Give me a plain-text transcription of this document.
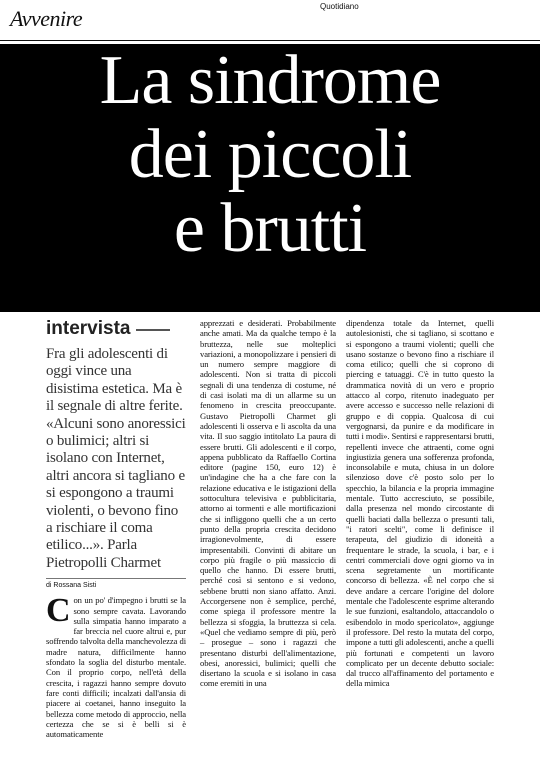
Avvenire	Quotidiano
La sindrome
dei piccoli
e brutti
intervista
Fra gli adolescenti di oggi vince una disistima estetica. Ma è il segnale di altre ferite. «Alcuni sono anoressici o bulimici; altri si isolano con Internet, altri ancora si tagliano e si espongono a traumi violenti, o bevono fino a rischiare il coma etilico...». Parla Pietropolli Charmet
di Rossana Sisti
Con un po' d'impegno i brutti se la sono sempre cavata. Lavorando sulla simpatia hanno imparato a far breccia nel cuore altrui e, pur soffrendo talvolta della manchevolezza di madre natura, difficilmente hanno sfondato la soglia del disturbo mentale. Con il proprio corpo, nell'età della crescita, i ragazzi hanno sempre dovuto fare conti difficili; incalzati dall'ansia di piacere ai coetanei, hanno inseguito la bellezza come metodo di approccio, nella certezza che se si è belli si è automaticamente
apprezzati e desiderati. Probabilmente anche amati. Ma da qualche tempo è la bruttezza, nelle sue molteplici variazioni, a monopolizzare i pensieri di un numero sempre maggiore di adolescenti. Non si tratta di piccoli segnali di una tendenza di costume, né di casi isolati ma di un allarme su un fenomeno in crescita preoccupante. Gustavo Pietropolli Charmet gli adolescenti li osserva e li ascolta da una vita. Il suo saggio intitolato La paura di essere brutti. Gli adolescenti e il corpo, appena pubblicato da Raffaello Cortina editore (pagine 150, euro 12) è un'indagine che ha a che fare con la relazione educativa e le istigazioni della sottocultura televisiva e pubblicitaria, attorno ai tormenti e alle mortificazioni che si infliggono quelli che a un certo punto della propria crescita decidono irragionevolmente, di essere impresentabili. Convinti di abitare un corpo più fragile o più massiccio di quello che hanno. Di essere brutti, perché così si sentono e si vedono, sebbene brutti non siano affatto. Anzi. Accorgersene non è semplice, perché, come spiega il professore mentre la bellezza si sfoggia, la bruttezza si cela. «Quel che vediamo sempre di più, però – prosegue – sono i ragazzi che presentano disturbi dell'alimentazione, obesi, anoressici, bulimici; quelli che disertano la scuola e si isolano in casa come eremiti in una
dipendenza totale da Internet, quelli autolesionisti, che si tagliano, si scottano e si espongono a traumi violenti; quelli che usano sostanze o bevono fino a rischiare il coma etilico; quelli che si coprono di piercing e tatuaggi. C'è in tutto questo la drammatica novità di un vero e proprio attacco al corpo, ritenuto inadeguato per avere accesso e successo nelle relazioni di gruppo e di coppia. Qualcosa di cui vergognarsi, da punire e da modificare in tutti i modi». Sentirsi e rappresentarsi brutti, repellenti invece che attraenti, come ogni ingiustizia genera una sofferenza profonda, inconsolabile e muta, chiusa in un dolore silenzioso dove c'è posto solo per lo specchio, la bilancia e la propria immagine mentale. Tutto accresciuto, se possibile, dalla presenza nel mondo circostante di quelli baciati dalla bellezza o presunti tali, "i ratori scelti", come li definisce il terapeuta, del giudizio di idoneità a frequentare le strade, la scuola, i bar, e i centri commerciali dove ogni giorno va in scena segretamente un mortificante concorso di bellezza. «È nel corpo che si deve andare a cercare l'origine del dolore mentale che l'adolescente esprime alterando le sue funzioni, esaltandolo, attaccandolo o esibendolo in modo spericolato», aggiunge il professore. Del resto la mutata del corpo, impone a tutti gli adolescenti, anche a quelli più fortunati e competenti un lavoro complicato per un decente debutto sociale: dal trucco all'affinamento del portamento e della mimica
